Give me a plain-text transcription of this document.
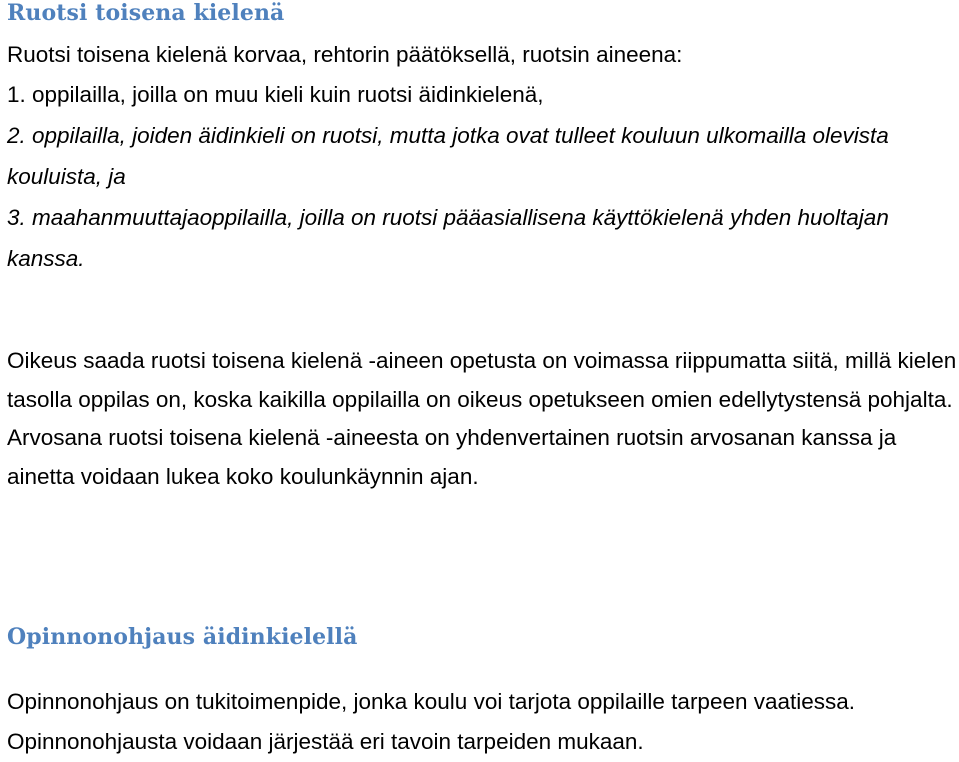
Ruotsi toisena kielenä

Ruotsi toisena kielenä korvaa, rehtorin päätöksellä, ruotsin aineena:

1. oppilailla, joilla on muu kieli kuin ruotsi äidinkielenä,
2. oppilailla, joiden äidinkieli on ruotsi, mutta jotka ovat tulleet kouluun ulkomailla olevista kouluista, ja
3. maahanmuuttajaoppilailla, joilla on ruotsi pääasiallisena käyttökielenä yhden huoltajan kanssa.

Oikeus saada ruotsi toisena kielenä -aineen opetusta on voimassa riippumatta siitä, millä kielen tasolla oppilas on, koska kaikilla oppilailla on oikeus opetukseen omien edellytystensä pohjalta. Arvosana ruotsi toisena kielenä -aineesta on yhdenvertainen ruotsin arvosanan kanssa ja ainetta voidaan lukea koko koulunkäynnin ajan.

Opinnonohjaus äidinkielellä

Opinnonohjaus on tukitoimenpide, jonka koulu voi tarjota oppilaille tarpeen vaatiessa. Opinnonohjausta voidaan järjestää eri tavoin tarpeiden mukaan.
